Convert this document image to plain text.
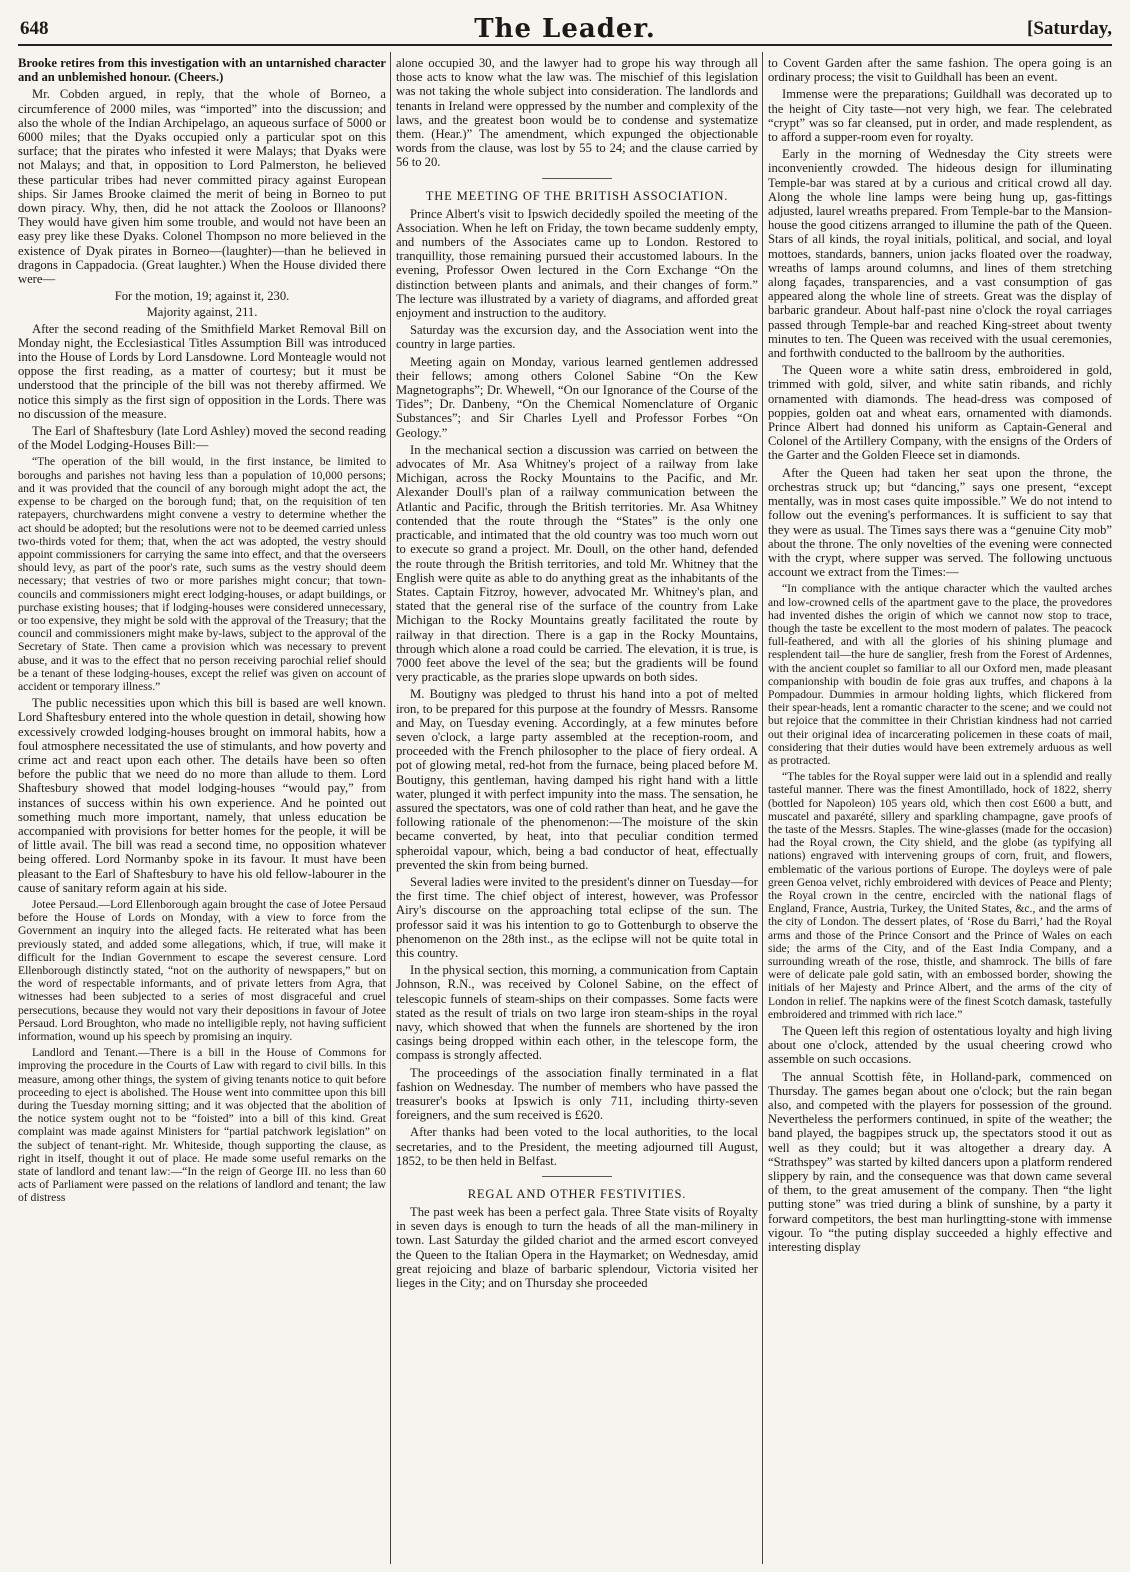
648	The Leader.	[Saturday,

Brooke retires from this investigation with an untarnished character and an unblemished honour. (Cheers.)

Mr. Cobden argued, in reply, that the whole of Borneo, a circumference of 2000 miles, was “imported” into the discussion; and also the whole of the Indian Archipelago, an aqueous surface of 5000 or 6000 miles; that the Dyaks occupied only a particular spot on this surface; that the pirates who infested it were Malays; that Dyaks were not Malays; and that, in opposition to Lord Palmerston, he believed these particular tribes had never committed piracy against European ships. Sir James Brooke claimed the merit of being in Borneo to put down piracy. Why, then, did he not attack the Zooloos or Illanoons? They would have given him some trouble, and would not have been an easy prey like these Dyaks. Colonel Thompson no more believed in the existence of Dyak pirates in Borneo—(laughter)—than he believed in dragons in Cappadocia. (Great laughter.) When the House divided there were—

For the motion, 19; against it, 230.

Majority against, 211.

After the second reading of the Smithfield Market Removal Bill on Monday night, the Ecclesiastical Titles Assumption Bill was introduced into the House of Lords by Lord Lansdowne. Lord Monteagle would not oppose the first reading, as a matter of courtesy; but it must be understood that the principle of the bill was not thereby affirmed. We notice this simply as the first sign of opposition in the Lords. There was no discussion of the measure.

The Earl of Shaftesbury (late Lord Ashley) moved the second reading of the Model Lodging-Houses Bill:—

“The operation of the bill would, in the first instance, be limited to boroughs and parishes not having less than a population of 10,000 persons; and it was provided that the council of any borough might adopt the act, the expense to be charged on the borough fund; that, on the requisition of ten ratepayers, churchwardens might convene a vestry to determine whether the act should be adopted; but the resolutions were not to be deemed carried unless two-thirds voted for them; that, when the act was adopted, the vestry should appoint commissioners for carrying the same into effect, and that the overseers should levy, as part of the poor's rate, such sums as the vestry should deem necessary; that vestries of two or more parishes might concur; that town-councils and commissioners might erect lodging-houses, or adapt buildings, or purchase existing houses; that if lodging-houses were considered unnecessary, or too expensive, they might be sold with the approval of the Treasury; that the council and commissioners might make by-laws, subject to the approval of the Secretary of State. Then came a provision which was necessary to prevent abuse, and it was to the effect that no person receiving parochial relief should be a tenant of these lodging-houses, except the relief was given on account of accident or temporary illness.”

The public necessities upon which this bill is based are well known. Lord Shaftesbury entered into the whole question in detail, showing how excessively crowded lodging-houses brought on immoral habits, how a foul atmosphere necessitated the use of stimulants, and how poverty and crime act and react upon each other. The details have been so often before the public that we need do no more than allude to them. Lord Shaftesbury showed that model lodging-houses “would pay,” from instances of success within his own experience. And he pointed out something much more important, namely, that unless education be accompanied with provisions for better homes for the people, it will be of little avail. The bill was read a second time, no opposition whatever being offered. Lord Normanby spoke in its favour. It must have been pleasant to the Earl of Shaftesbury to have his old fellow-labourer in the cause of sanitary reform again at his side.

Jotee Persaud.—Lord Ellenborough again brought the case of Jotee Persaud before the House of Lords on Monday, with a view to force from the Government an inquiry into the alleged facts. He reiterated what has been previously stated, and added some allegations, which, if true, will make it difficult for the Indian Government to escape the severest censure. Lord Ellenborough distinctly stated, “not on the authority of newspapers,” but on the word of respectable informants, and of private letters from Agra, that witnesses had been subjected to a series of most disgraceful and cruel persecutions, because they would not vary their depositions in favour of Jotee Persaud. Lord Broughton, who made no intelligible reply, not having sufficient information, wound up his speech by promising an inquiry.

Landlord and Tenant.—There is a bill in the House of Commons for improving the procedure in the Courts of Law with regard to civil bills. In this measure, among other things, the system of giving tenants notice to quit before proceeding to eject is abolished. The House went into committee upon this bill during the Tuesday morning sitting; and it was objected that the abolition of the notice system ought not to be “foisted” into a bill of this kind. Great complaint was made against Ministers for “partial patchwork legislation” on the subject of tenant-right. Mr. Whiteside, though supporting the clause, as right in itself, thought it out of place. He made some useful remarks on the state of landlord and tenant law:—“In the reign of George III. no less than 60 acts of Parliament were passed on the relations of landlord and tenant; the law of distress

alone occupied 30, and the lawyer had to grope his way through all those acts to know what the law was. The mischief of this legislation was not taking the whole subject into consideration. The landlords and tenants in Ireland were oppressed by the number and complexity of the laws, and the greatest boon would be to condense and systematize them. (Hear.)” The amendment, which expunged the objectionable words from the clause, was lost by 55 to 24; and the clause carried by 56 to 20.

THE MEETING OF THE BRITISH ASSOCIATION.

Prince Albert's visit to Ipswich decidedly spoiled the meeting of the Association. When he left on Friday, the town became suddenly empty, and numbers of the Associates came up to London. Restored to tranquillity, those remaining pursued their accustomed labours. In the evening, Professor Owen lectured in the Corn Exchange “On the distinction between plants and animals, and their changes of form.” The lecture was illustrated by a variety of diagrams, and afforded great enjoyment and instruction to the auditory.

Saturday was the excursion day, and the Association went into the country in large parties.

Meeting again on Monday, various learned gentlemen addressed their fellows; among others Colonel Sabine “On the Kew Magnetographs”; Dr. Whewell, “On our Ignorance of the Course of the Tides”; Dr. Danbeny, “On the Chemical Nomenclature of Organic Substances”; and Sir Charles Lyell and Professor Forbes “On Geology.”

In the mechanical section a discussion was carried on between the advocates of Mr. Asa Whitney's project of a railway from lake Michigan, across the Rocky Mountains to the Pacific, and Mr. Alexander Doull's plan of a railway communication between the Atlantic and Pacific, through the British territories. Mr. Asa Whitney contended that the route through the “States” is the only one practicable, and intimated that the old country was too much worn out to execute so grand a project. Mr. Doull, on the other hand, defended the route through the British territories, and told Mr. Whitney that the English were quite as able to do anything great as the inhabitants of the States. Captain Fitzroy, however, advocated Mr. Whitney's plan, and stated that the general rise of the surface of the country from Lake Michigan to the Rocky Mountains greatly facilitated the route by railway in that direction. There is a gap in the Rocky Mountains, through which alone a road could be carried. The elevation, it is true, is 7000 feet above the level of the sea; but the gradients will be found very practicable, as the praries slope upwards on both sides.

M. Boutigny was pledged to thrust his hand into a pot of melted iron, to be prepared for this purpose at the foundry of Messrs. Ransome and May, on Tuesday evening. Accordingly, at a few minutes before seven o'clock, a large party assembled at the reception-room, and proceeded with the French philosopher to the place of fiery ordeal. A pot of glowing metal, red-hot from the furnace, being placed before M. Boutigny, this gentleman, having damped his right hand with a little water, plunged it with perfect impunity into the mass. The sensation, he assured the spectators, was one of cold rather than heat, and he gave the following rationale of the phenomenon:—The moisture of the skin became converted, by heat, into that peculiar condition termed spheroidal vapour, which, being a bad conductor of heat, effectually prevented the skin from being burned.

Several ladies were invited to the president's dinner on Tuesday—for the first time. The chief object of interest, however, was Professor Airy's discourse on the approaching total eclipse of the sun. The professor said it was his intention to go to Gottenburgh to observe the phenomenon on the 28th inst., as the eclipse will not be quite total in this country.

In the physical section, this morning, a communication from Captain Johnson, R.N., was received by Colonel Sabine, on the effect of telescopic funnels of steam-ships on their compasses. Some facts were stated as the result of trials on two large iron steam-ships in the royal navy, which showed that when the funnels are shortened by the iron casings being dropped within each other, in the telescope form, the compass is strongly affected.

The proceedings of the association finally terminated in a flat fashion on Wednesday. The number of members who have passed the treasurer's books at Ipswich is only 711, including thirty-seven foreigners, and the sum received is £620.

After thanks had been voted to the local authorities, to the local secretaries, and to the President, the meeting adjourned till August, 1852, to be then held in Belfast.

REGAL AND OTHER FESTIVITIES.

The past week has been a perfect gala. Three State visits of Royalty in seven days is enough to turn the heads of all the man-milinery in town. Last Saturday the gilded chariot and the armed escort conveyed the Queen to the Italian Opera in the Haymarket; on Wednesday, amid great rejoicing and blaze of barbaric splendour, Victoria visited her lieges in the City; and on Thursday she proceeded

to Covent Garden after the same fashion. The opera going is an ordinary process; the visit to Guildhall has been an event.

Immense were the preparations; Guildhall was decorated up to the height of City taste—not very high, we fear. The celebrated “crypt” was so far cleansed, put in order, and made resplendent, as to afford a supper-room even for royalty.

Early in the morning of Wednesday the City streets were inconveniently crowded. The hideous design for illuminating Temple-bar was stared at by a curious and critical crowd all day. Along the whole line lamps were being hung up, gas-fittings adjusted, laurel wreaths prepared. From Temple-bar to the Mansion-house the good citizens arranged to illumine the path of the Queen. Stars of all kinds, the royal initials, political, and social, and loyal mottoes, standards, banners, union jacks floated over the roadway, wreaths of lamps around columns, and lines of them stretching along façades, transparencies, and a vast consumption of gas appeared along the whole line of streets. Great was the display of barbaric grandeur. About half-past nine o'clock the royal carriages passed through Temple-bar and reached King-street about twenty minutes to ten. The Queen was received with the usual ceremonies, and forthwith conducted to the ballroom by the authorities.

The Queen wore a white satin dress, embroidered in gold, trimmed with gold, silver, and white satin ribands, and richly ornamented with diamonds. The head-dress was composed of poppies, golden oat and wheat ears, ornamented with diamonds. Prince Albert had donned his uniform as Captain-General and Colonel of the Artillery Company, with the ensigns of the Orders of the Garter and the Golden Fleece set in diamonds.

After the Queen had taken her seat upon the throne, the orchestras struck up; but “dancing,” says one present, “except mentally, was in most cases quite impossible.” We do not intend to follow out the evening's performances. It is sufficient to say that they were as usual. The Times says there was a “genuine City mob” about the throne. The only novelties of the evening were connected with the crypt, where supper was served. The following unctuous account we extract from the Times:—

“In compliance with the antique character which the vaulted arches and low-crowned cells of the apartment gave to the place, the provedores had invented dishes the origin of which we cannot now stop to trace, though the taste be excellent to the most modern of palates. The peacock full-feathered, and with all the glories of his shining plumage and resplendent tail—the hure de sanglier, fresh from the Forest of Ardennes, with the ancient couplet so familiar to all our Oxford men, made pleasant companionship with boudin de foie gras aux truffes, and chapons à la Pompadour. Dummies in armour holding lights, which flickered from their spear-heads, lent a romantic character to the scene; and we could not but rejoice that the committee in their Christian kindness had not carried out their original idea of incarcerating policemen in these coats of mail, considering that their duties would have been extremely arduous as well as protracted.

“The tables for the Royal supper were laid out in a splendid and really tasteful manner. There was the finest Amontillado, hock of 1822, sherry (bottled for Napoleon) 105 years old, which then cost £600 a butt, and muscatel and paxarété, sillery and sparkling champagne, gave proofs of the taste of the Messrs. Staples. The wine-glasses (made for the occasion) had the Royal crown, the City shield, and the globe (as typifying all nations) engraved with intervening groups of corn, fruit, and flowers, emblematic of the various portions of Europe. The doyleys were of pale green Genoa velvet, richly embroidered with devices of Peace and Plenty; the Royal crown in the centre, encircled with the national flags of England, France, Austria, Turkey, the United States, &c., and the arms of the city of London. The dessert plates, of ‘Rose du Barri,’ had the Royal arms and those of the Prince Consort and the Prince of Wales on each side; the arms of the City, and of the East India Company, and a surrounding wreath of the rose, thistle, and shamrock. The bills of fare were of delicate pale gold satin, with an embossed border, showing the initials of her Majesty and Prince Albert, and the arms of the city of London in relief. The napkins were of the finest Scotch damask, tastefully embroidered and trimmed with rich lace.”

The Queen left this region of ostentatious loyalty and high living about one o'clock, attended by the usual cheering crowd who assemble on such occasions.

The annual Scottish fête, in Holland-park, commenced on Thursday. The games began about one o'clock; but the rain began also, and competed with the players for possession of the ground. Nevertheless the performers continued, in spite of the weather; the band played, the bagpipes struck up, the spectators stood it out as well as they could; but it was altogether a dreary day. A “Strathspey” was started by kilted dancers upon a platform rendered slippery by rain, and the consequence was that down came several of them, to the great amusement of the company. Then “the light putting stone” was tried during a blink of sunshine, by a party it forward competitors, the best man hurlingtting-stone with immense vigour. To “the puting display succeeded a highly effective and interesting display
